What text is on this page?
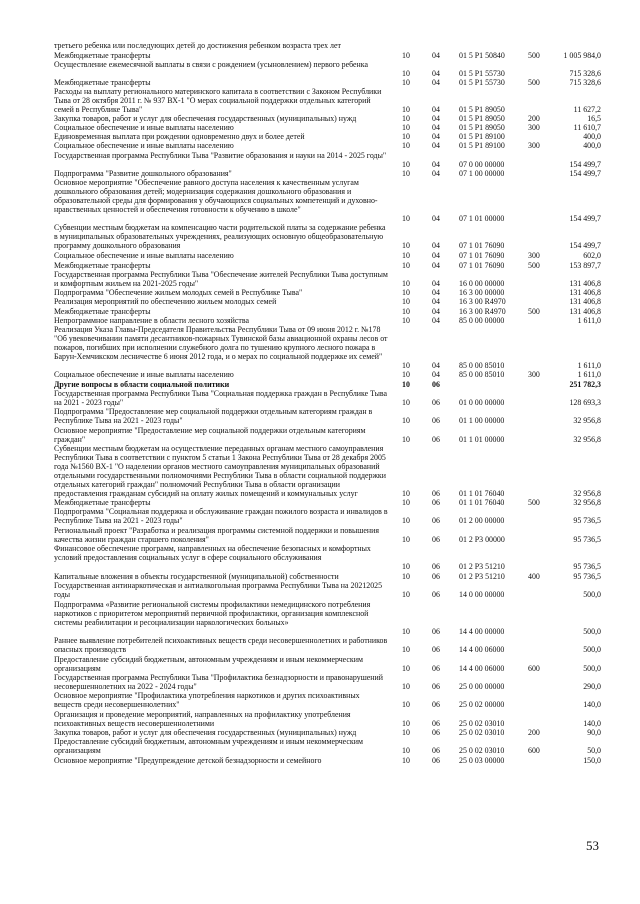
третьего ребенка или последующих детей до достижения ребенком возраста трех лет
Межбюджетные трансферты	10	04 01 5 P1 50840	500	1 005 984,0
Осуществление ежемесячной выплаты в связи с рождением (усыновлением) первого ребенка
10	04 01 5 P1 55730	715 328,6
Межбюджетные трансферты	10	04 01 5 P1 55730	500	715 328,6
Расходы на выплату регионального материнского капитала в соответствии с Законом Республики Тыва от 28 октября 2011 г. № 937 ВХ-1 "О мерах социальной поддержки отдельных категорий семей в Республике Тыва"	10	04 01 5 P1 89050	11 627,2
Закупка товаров, работ и услуг для обеспечения государственных (муниципальных) нужд	10	04 01 5 P1 89050	200	16,5
Социальное обеспечение и иные выплаты населению	10	04 01 5 P1 89050	300	11 610,7
Единовременная выплата при рождении одновременно двух и более детей	10	04 01 5 P1 89100	400,0
Социальное обеспечение и иные выплаты населению	10	04 01 5 P1 89100	300	400,0
Государственная программа Республики Тыва "Развитие образования и науки на 2014 - 2025 годы"
10	04 07 0 00 00000	154 499,7
Подпрограмма "Развитие дошкольного образования"	10	04 07 1 00 00000	154 499,7
Основное мероприятие "Обеспечение равного доступа населения к качественным услугам дошкольного образования детей; модернизация содержания дошкольного образования и образовательной среды для формирования у обучающихся социальных компетенций и духовно-нравственных ценностей и обеспечения готовности к обучению в школе"
10	04 07 1 01 00000	154 499,7
Субвенции местным бюджетам на компенсацию части родительской платы за содержание ребенка в муниципальных образовательных учреждениях, реализующих основную общеобразовательную программу дошкольного образования	10	04 07 1 01 76090	154 499,7
Социальное обеспечение и иные выплаты населению	10	04 07 1 01 76090	300	602,0
Межбюджетные трансферты	10	04 07 1 01 76090	500	153 897,7
Государственная программа Республики Тыва "Обеспечение жителей Республики Тыва доступным и комфортным жильем на 2021-2025 годы"	10	04 16 0 00 00000	131 406,8
Подпрограмма "Обеспечение жильем молодых семей в Республике Тыва"	10	04 16 3 00 00000	131 406,8
Реализация мероприятий по обеспечению жильем молодых семей	10	04 16 3 00 R4970	131 406,8
Межбюджетные трансферты	10	04 16 3 00 R4970	500	131 406,8
Непрограммное направление в области лесного хозяйства	10	04 85 0 00 00000	1 611,0
Реализация Указа Главы-Председателя Правительства Республики Тыва от 09 июня 2012 г. №178 "Об увековечивании памяти десантников-пожарных Тувинской базы авиационной охраны лесов от пожаров, погибших при исполнении служебного долга по тушению крупного лесного пожара в Барун-Хемчикском лесничестве 6 июня 2012 года, и о мерах по социальной поддержке их семей"
10	04 85 0 00 85010	1 611,0
Социальное обеспечение и иные выплаты населению	10	04 85 0 00 85010	300	1 611,0
Другие вопросы в области социальной политики	10	06	251 782,3
Государственная программа Республики Тыва "Социальная поддержка граждан в Республике Тыва на 2021 - 2023 годы"	10	06 01 0 00 00000	128 693,3
Подпрограмма "Предоставление мер социальной поддержки отдельным категориям граждан в Республике Тыва на 2021 - 2023 годы"	10	06 01 1 00 00000	32 956,8
Основное мероприятие "Предоставление мер социальной поддержки отдельным категориям граждан"	10	06 01 1 01 00000	32 956,8
Субвенции местным бюджетам на осуществление переданных органам местного самоуправления Республики Тыва в соответствии с пунктом 5 статьи 1 Закона Республики Тыва от 28 декабря 2005 года №1560 ВХ-1 "О наделении органов местного самоуправления муниципальных образований отдельными государственными полномочиями Республики Тыва в области социальной поддержки отдельных категорий граждан" полномочий Республики Тыва в области организации предоставления гражданам субсидий на оплату жилых помещений и коммунальных услуг	10	06 01 1 01 76040	32 956,8
Межбюджетные трансферты	10	06 01 1 01 76040	500	32 956,8
Подпрограмма "Социальная поддержка и обслуживание граждан пожилого возраста и инвалидов в Республике Тыва на 2021 - 2023 годы"	10	06 01 2 00 00000	95 736,5
Региональный проект "Разработка и реализация программы системной поддержки и повышения качества жизни граждан старшего поколения"	10	06 01 2 P3 00000	95 736,5
Финансовое обеспечение программ, направленных на обеспечение безопасных и комфортных условий предоставления социальных услуг в сфере социального обслуживания
10	06 01 2 P3 51210	95 736,5
Капитальные вложения в объекты государственной (муниципальной) собственности	10	06 01 2 P3 51210	400	95 736,5
Государственная антинаркотическая и антиалкогольная программа Республики Тыва на 20212025 годы	10	06 14 0 00 00000	500,0
Подпрограмма «Развитие региональной системы профилактики немедицинского потребления наркотиков с приоритетом мероприятий первичной профилактики, организация комплексной системы реабилитации и ресоциализации наркологических больных»
10	06 14 4 00 00000	500,0
Раннее выявление потребителей психоактивных веществ среди несовершеннолетних и работников опасных производств	10	06 14 4 00 06000	500,0
Предоставление субсидий бюджетным, автономным учреждениям и иным некоммерческим организациям	10	06 14 4 00 06000	600	500,0
Государственная программа Республики Тыва "Профилактика безнадзорности и правонарушений несовершеннолетних на 2022 - 2024 годы"	10	06 25 0 00 00000	290,0
Основное мероприятие "Профилактика употребления наркотиков и других психоактивных веществ среди несовершеннолетних"	10	06 25 0 02 00000	140,0
Организация и проведение мероприятий, направленных на профилактику употребления психоактивных веществ несовершеннолетними	10	06 25 0 02 03010	140,0
Закупка товаров, работ и услуг для обеспечения государственных (муниципальных) нужд	10	06 25 0 02 03010	200	90,0
Предоставление субсидий бюджетным, автономным учреждениям и иным некоммерческим организациям	10	06 25 0 02 03010	600	50,0
Основное мероприятие "Предупреждение детской безнадзорности и семейного	10	06 25 0 03 00000	150,0
53
